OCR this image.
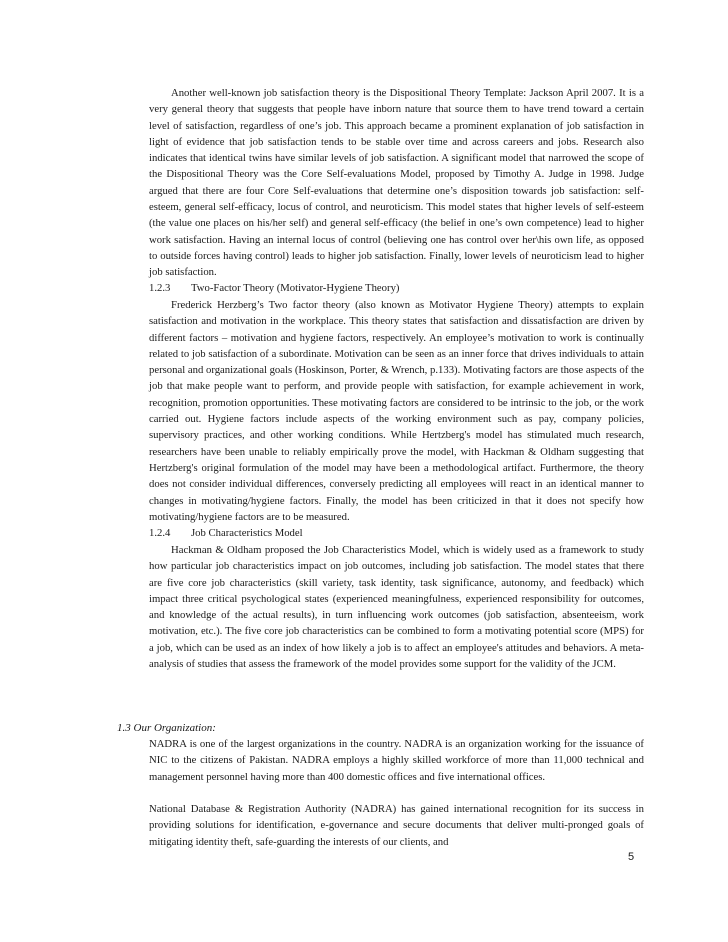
Another well-known job satisfaction theory is the Dispositional Theory Template: Jackson April 2007. It is a very general theory that suggests that people have inborn nature that source them to have trend toward a certain level of satisfaction, regardless of one’s job. This approach became a prominent explanation of job satisfaction in light of evidence that job satisfaction tends to be stable over time and across careers and jobs. Research also indicates that identical twins have similar levels of job satisfaction. A significant model that narrowed the scope of the Dispositional Theory was the Core Self-evaluations Model, proposed by Timothy A. Judge in 1998. Judge argued that there are four Core Self-evaluations that determine one’s disposition towards job satisfaction: self-esteem, general self-efficacy, locus of control, and neuroticism. This model states that higher levels of self-esteem (the value one places on his/her self) and general self-efficacy (the belief in one’s own competence) lead to higher work satisfaction. Having an internal locus of control (believing one has control over her\his own life, as opposed to outside forces having control) leads to higher job satisfaction. Finally, lower levels of neuroticism lead to higher job satisfaction.

1.2.3 Two-Factor Theory (Motivator-Hygiene Theory)

Frederick Herzberg’s Two factor theory (also known as Motivator Hygiene Theory) attempts to explain satisfaction and motivation in the workplace. This theory states that satisfaction and dissatisfaction are driven by different factors – motivation and hygiene factors, respectively. An employee’s motivation to work is continually related to job satisfaction of a subordinate. Motivation can be seen as an inner force that drives individuals to attain personal and organizational goals (Hoskinson, Porter, & Wrench, p.133). Motivating factors are those aspects of the job that make people want to perform, and provide people with satisfaction, for example achievement in work, recognition, promotion opportunities. These motivating factors are considered to be intrinsic to the job, or the work carried out. Hygiene factors include aspects of the working environment such as pay, company policies, supervisory practices, and other working conditions. While Hertzberg's model has stimulated much research, researchers have been unable to reliably empirically prove the model, with Hackman & Oldham suggesting that Hertzberg's original formulation of the model may have been a methodological artifact. Furthermore, the theory does not consider individual differences, conversely predicting all employees will react in an identical manner to changes in motivating/hygiene factors. Finally, the model has been criticized in that it does not specify how motivating/hygiene factors are to be measured.

1.2.4 Job Characteristics Model

Hackman & Oldham proposed the Job Characteristics Model, which is widely used as a framework to study how particular job characteristics impact on job outcomes, including job satisfaction. The model states that there are five core job characteristics (skill variety, task identity, task significance, autonomy, and feedback) which impact three critical psychological states (experienced meaningfulness, experienced responsibility for outcomes, and knowledge of the actual results), in turn influencing work outcomes (job satisfaction, absenteeism, work motivation, etc.). The five core job characteristics can be combined to form a motivating potential score (MPS) for a job, which can be used as an index of how likely a job is to affect an employee's attitudes and behaviors. A meta-analysis of studies that assess the framework of the model provides some support for the validity of the JCM.

1.3 Our Organization:

NADRA is one of the largest organizations in the country. NADRA is an organization working for the issuance of NIC to the citizens of Pakistan. NADRA employs a highly skilled workforce of more than 11,000 technical and management personnel having more than 400 domestic offices and five international offices.

National Database & Registration Authority (NADRA) has gained international recognition for its success in providing solutions for identification, e-governance and secure documents that deliver multi-pronged goals of mitigating identity theft, safe-guarding the interests of our clients, and

5
